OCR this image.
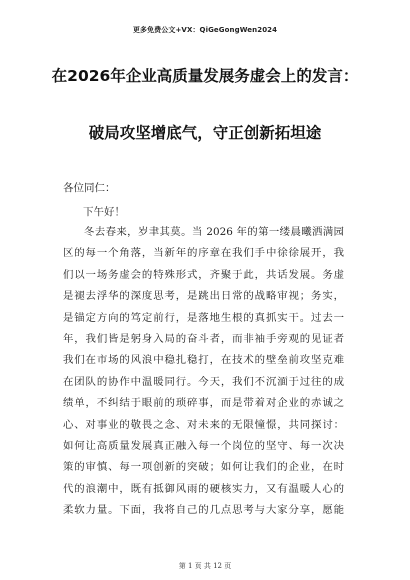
更多免费公文+VX：QiGeGongWen2024
在2026年企业高质量发展务虚会上的发言：
破局攻坚增底气，守正创新拓坦途
各位同仁：
下午好！
冬去春来，岁聿其莫。当 2026 年的第一缕晨曦洒满园
区的每一个角落，当新年的序章在我们手中徐徐展开，我
们以一场务虚会的特殊形式，齐聚于此，共话发展。务虚
是褪去浮华的深度思考，是跳出日常的战略审视；务实，
是锚定方向的笃定前行，是落地生根的真抓实干。过去一
年，我们皆是躬身入局的奋斗者，而非袖手旁观的见证者
我们在市场的风浪中稳扎稳打，在技术的壁垒前攻坚克难
在团队的协作中温暖同行。今天，我们不沉湎于过往的成
绩单，不纠结于眼前的琐碎事，而是带着对企业的赤诚之
心、对事业的敬畏之念、对未来的无限憧憬，共同探讨：
如何让高质量发展真正融入每一个岗位的坚守、每一次决
策的审慎、每一项创新的突破；如何让我们的企业，在时
代的浪潮中，既有抵御风雨的硬核实力，又有温暖人心的
柔软力量。下面，我将自己的几点思考与大家分享，愿能
第 1 页 共 12 页
